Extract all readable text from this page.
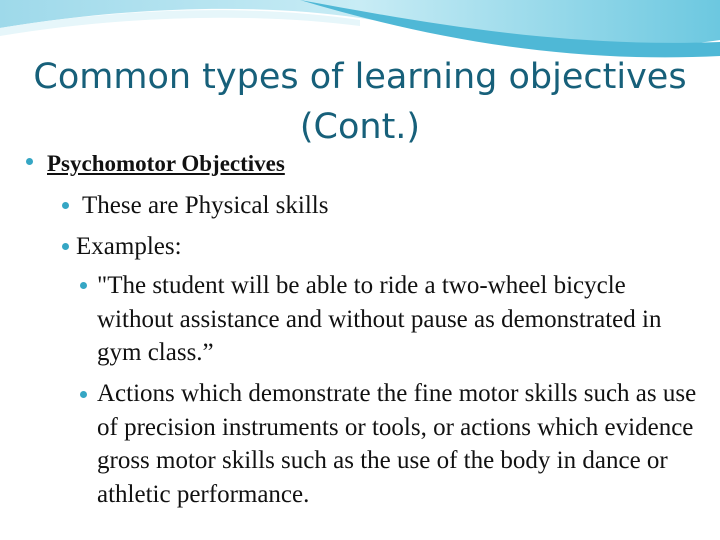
Common types of learning objectives
(Cont.)
Psychomotor Objectives
These are Physical skills
Examples:
"The student will be able to ride a two-wheel bicycle without assistance and without pause as demonstrated in gym class.”
Actions which demonstrate the fine motor skills such as use of precision instruments or tools, or actions which evidence gross motor skills such as the use of the body in dance or athletic performance.
